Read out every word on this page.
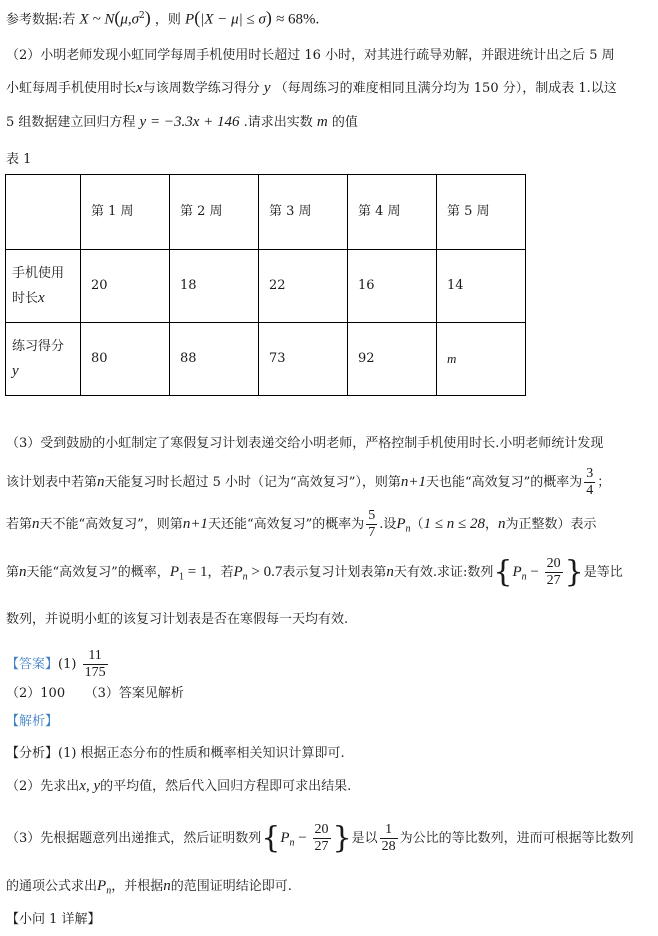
参考数据:若 X ~ $N(\mu,\sigma^2)$ ，则 P(|X − μ| ≤ σ) ≈ 68%.
（2）小明老师发现小虹同学每周手机使用时长超过 16 小时，对其进行疏导劝解，并跟进统计出之后 5 周
小虹每周手机使用时长x与该周数学练习得分 y （每周练习的难度相同且满分均为 150 分），制成表 1.以这
5 组数据建立回归方程 y = −3.3x + 146 .请求出实数 m 的值
表 1
	第 1 周	第 2 周	第 3 周	第 4 周	第 5 周
手机使用
时长x	20	18	22	16	14
练习得分
y	80	88	73	92	m
（3）受到鼓励的小虹制定了寒假复习计划表递交给小明老师，严格控制手机使用时长.小明老师统计发现
该计划表中若第n天能复习时长超过 5 小时（记为“高效复习”），则第n+1天也能“高效复习”的概率为 $\frac{3}{4}$ ；
若第n天不能“高效复习”，则第n+1天还能“高效复习”的概率为 $\frac{5}{7}$ .设$P_n(1 \le n \le 28$，n为正整数）表示
第n天能“高效复习”的概率，$P_1 = 1$，若$P_n > 0.7$表示复习计划表第n天有效.求证:数列{$P_n - \frac{20}{27}$ }是等比
数列，并说明小虹的该复习计划表是否在寒假每一天均有效.
【答案】$(1) \frac{11}{175}$
（2）100　　（3）答案见解析
【解析】
【分析】(1) 根据正态分布的性质和概率相关知识计算即可.
（2）先求出x, y的平均值，然后代入回归方程即可求出结果.
（3）先根据题意列出递推式，然后证明数列{$P_n - \frac{20}{27}$ }是以 $\frac{1}{28}$ 为公比的等比数列，进而可根据等比数列
的通项公式求出$P_n$，并根据n的范围证明结论即可.
【小问 1 详解】
